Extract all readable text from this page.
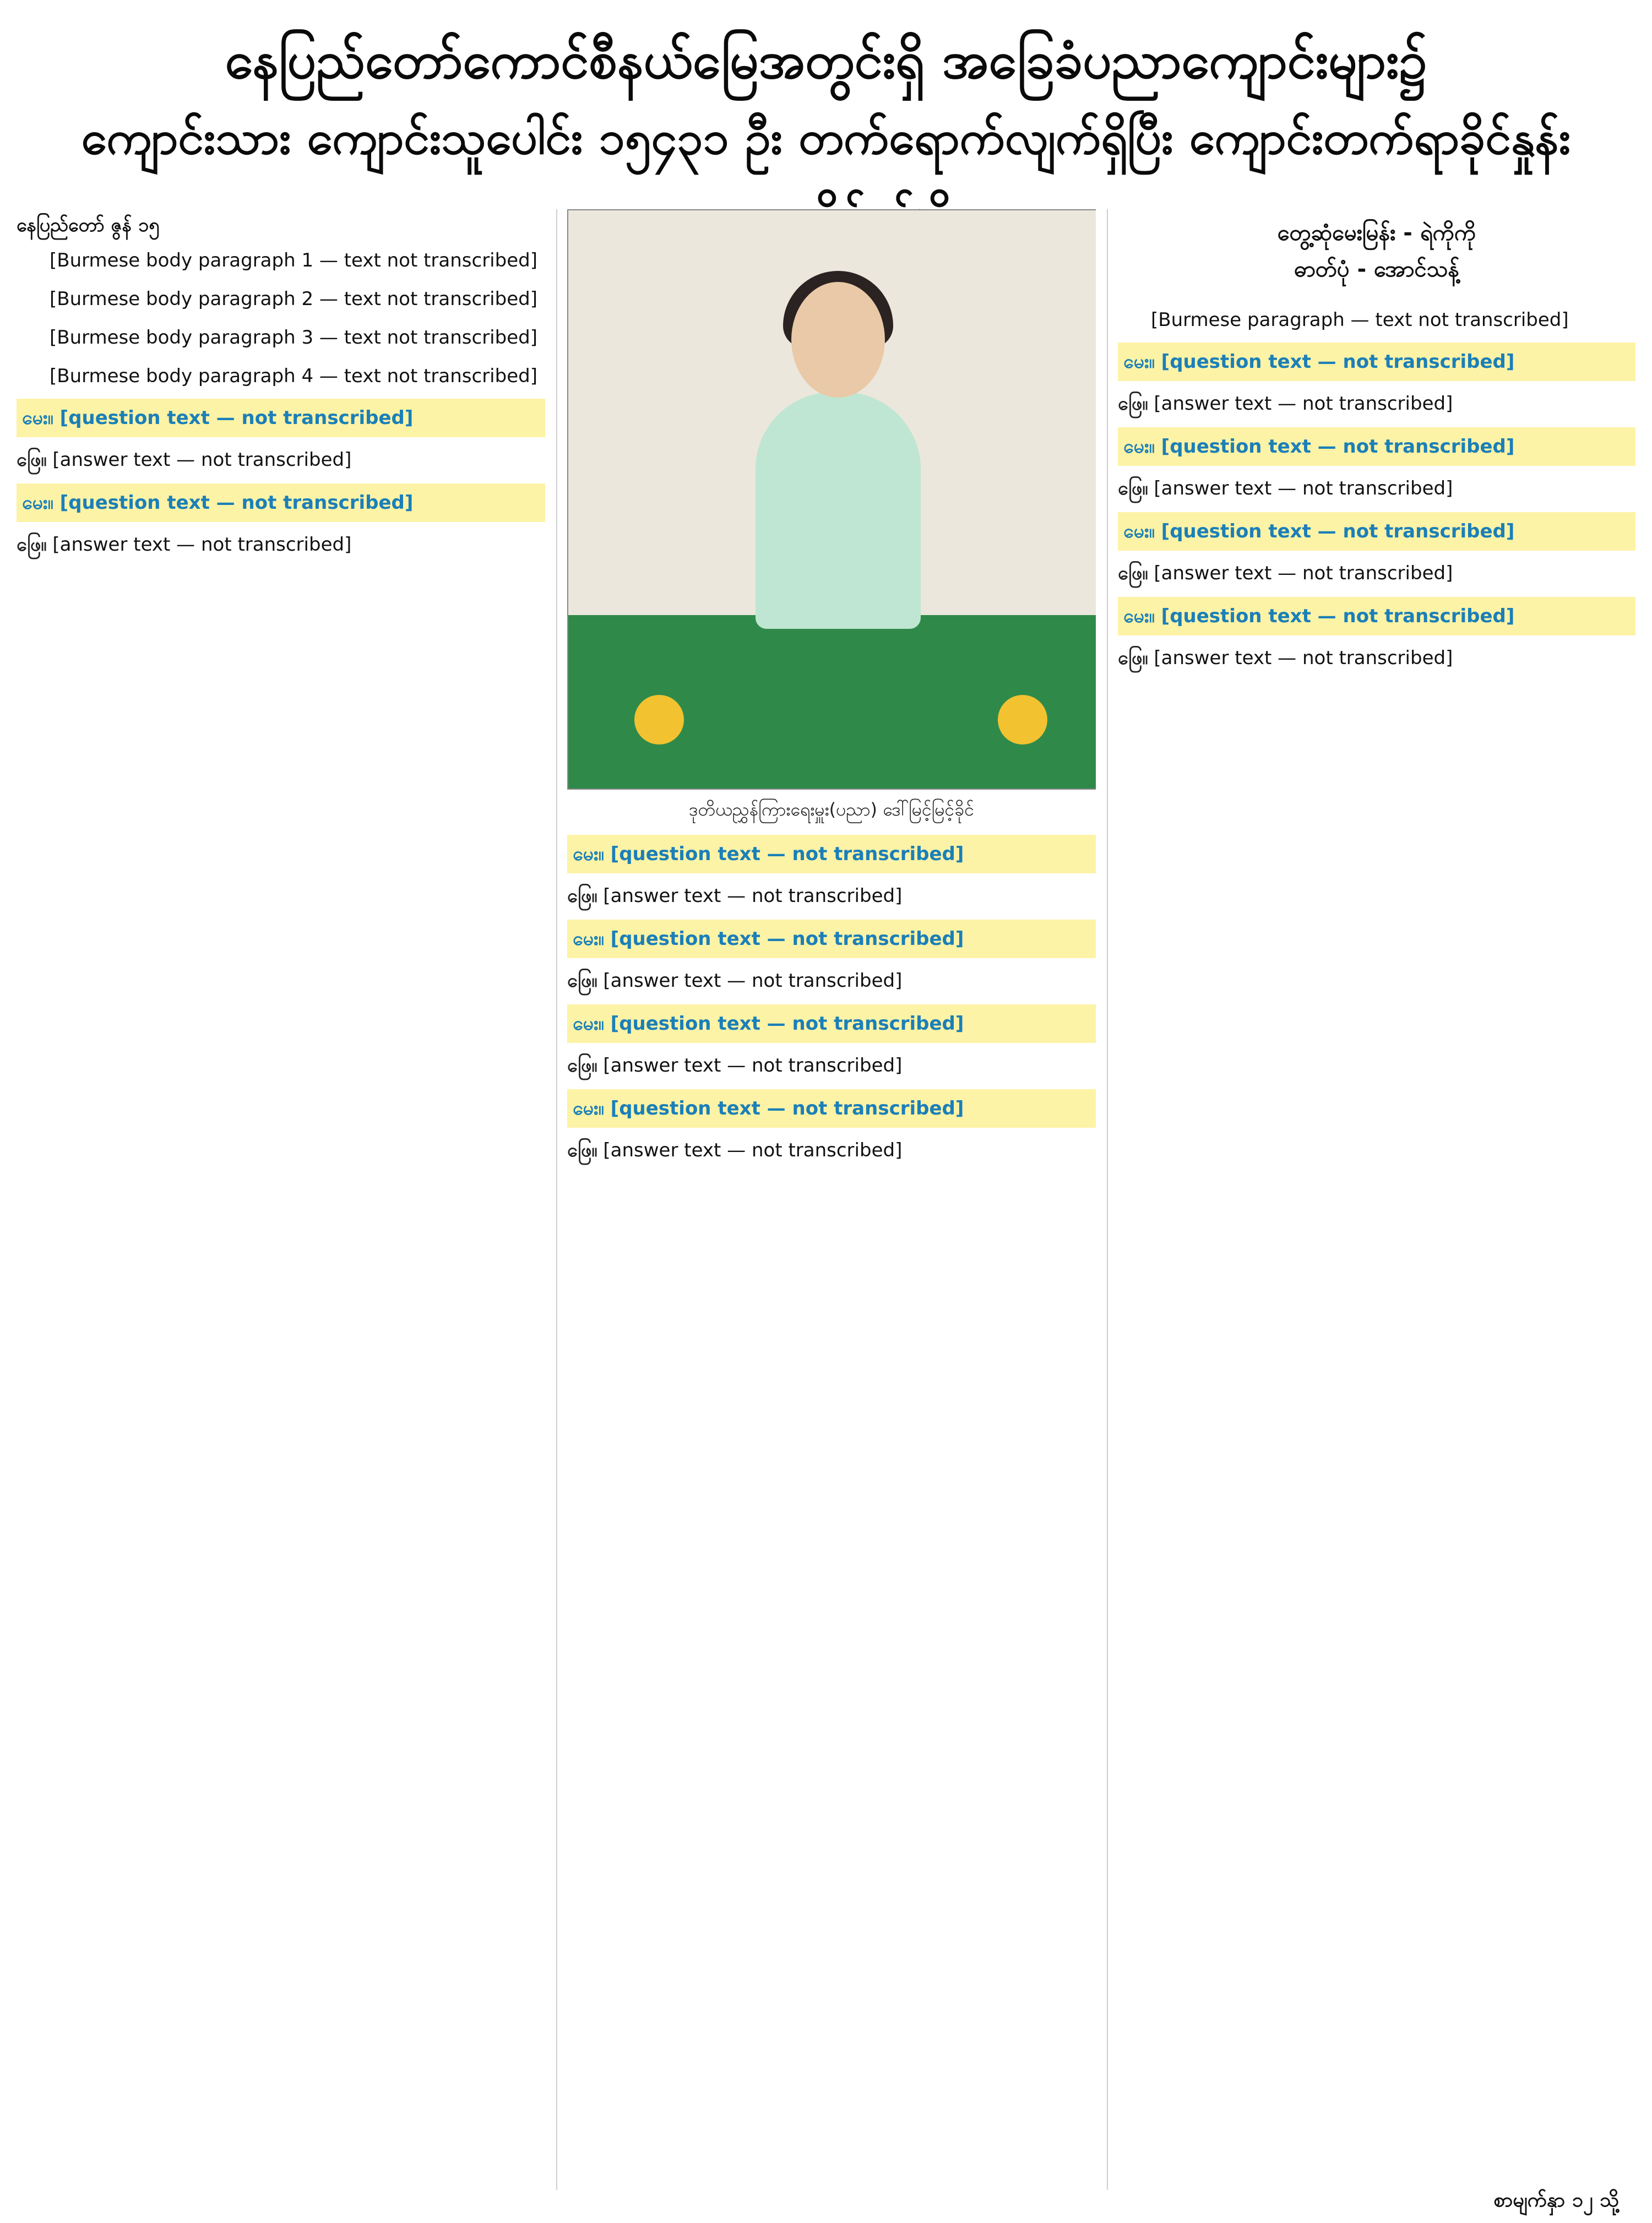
နေပြည်တော်ကောင်စီနယ်မြေအတွင်းရှိ အခြေခံပညာကျောင်းများ၌
ကျောင်းသား ကျောင်းသူပေါင်း ၁၅၄၃၁ ဦး တက်ရောက်လျက်ရှိပြီး ကျောင်းတက်ရာခိုင်နှုန်း
နေပြည်တော် ဇွန် ၁၅

[Burmese body paragraph 1 — text not transcribed]

[Burmese body paragraph 2 — text not transcribed]

[Burmese body paragraph 3 — text not transcribed]

[Burmese body paragraph 4 — text not transcribed]

မေး။ [question text — not transcribed]

ဖြေ။ [answer text — not transcribed]

မေး။ [question text — not transcribed]

ဖြေ။ [answer text — not transcribed]

ဒုတိယညွှန်ကြားရေးမှူး(ပညာ) ဒေါ်မြင့်မြင့်ခိုင်
မေး။ [question text — not transcribed]

ဖြေ။ [answer text — not transcribed]

မေး။ [question text — not transcribed]

ဖြေ။ [answer text — not transcribed]

မေး။ [question text — not transcribed]

ဖြေ။ [answer text — not transcribed]

မေး။ [question text — not transcribed]

ဖြေ။ [answer text — not transcribed]

တွေ့ဆုံမေးမြန်း - ရဲကိုကို
ဓာတ်ပုံ - အောင်သန့်

[Burmese paragraph — text not transcribed]

မေး။ [question text — not transcribed]

ဖြေ။ [answer text — not transcribed]

မေး။ [question text — not transcribed]

ဖြေ။ [answer text — not transcribed]

မေး။ [question text — not transcribed]

ဖြေ။ [answer text — not transcribed]

မေး။ [question text — not transcribed]

ဖြေ။ [answer text — not transcribed]

စာမျက်နှာ ၁၂ သို့
